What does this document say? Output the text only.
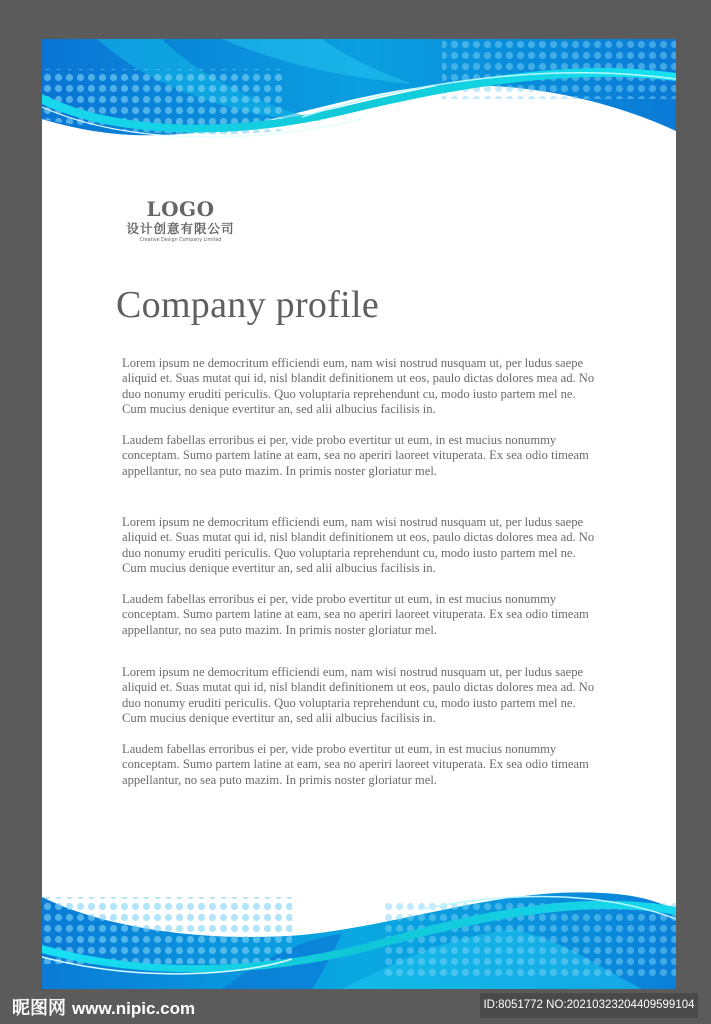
LOGO
设计创意有限公司
Creative Design Company Limited
Company profile

Lorem ipsum ne democritum efficiendi eum, nam wisi nostrud nusquam ut, per ludus saepe aliquid et. Suas mutat qui id, nisl blandit definitionem ut eos, paulo dictas dolores mea ad. No duo nonumy eruditi periculis. Quo voluptaria reprehendunt cu, modo iusto partem mel ne. Cum mucius denique evertitur an, sed alii albucius facilisis in.

Laudem fabellas erroribus ei per, vide probo evertitur ut eum, in est mucius nonummy conceptam. Sumo partem latine at eam, sea no aperiri laoreet vituperata. Ex sea odio timeam appellantur, no sea puto mazim. In primis noster gloriatur mel.

Lorem ipsum ne democritum efficiendi eum, nam wisi nostrud nusquam ut, per ludus saepe aliquid et. Suas mutat qui id, nisl blandit definitionem ut eos, paulo dictas dolores mea ad. No duo nonumy eruditi periculis. Quo voluptaria reprehendunt cu, modo iusto partem mel ne. Cum mucius denique evertitur an, sed alii albucius facilisis in.

Laudem fabellas erroribus ei per, vide probo evertitur ut eum, in est mucius nonummy conceptam. Sumo partem latine at eam, sea no aperiri laoreet vituperata. Ex sea odio timeam appellantur, no sea puto mazim. In primis noster gloriatur mel.

Lorem ipsum ne democritum efficiendi eum, nam wisi nostrud nusquam ut, per ludus saepe aliquid et. Suas mutat qui id, nisl blandit definitionem ut eos, paulo dictas dolores mea ad. No duo nonumy eruditi periculis. Quo voluptaria reprehendunt cu, modo iusto partem mel ne. Cum mucius denique evertitur an, sed alii albucius facilisis in.

Laudem fabellas erroribus ei per, vide probo evertitur ut eum, in est mucius nonummy conceptam. Sumo partem latine at eam, sea no aperiri laoreet vituperata. Ex sea odio timeam appellantur, no sea puto mazim. In primis noster gloriatur mel.

昵图网 www.nipic.com	ID:8051772 NO:20210323204409599104
